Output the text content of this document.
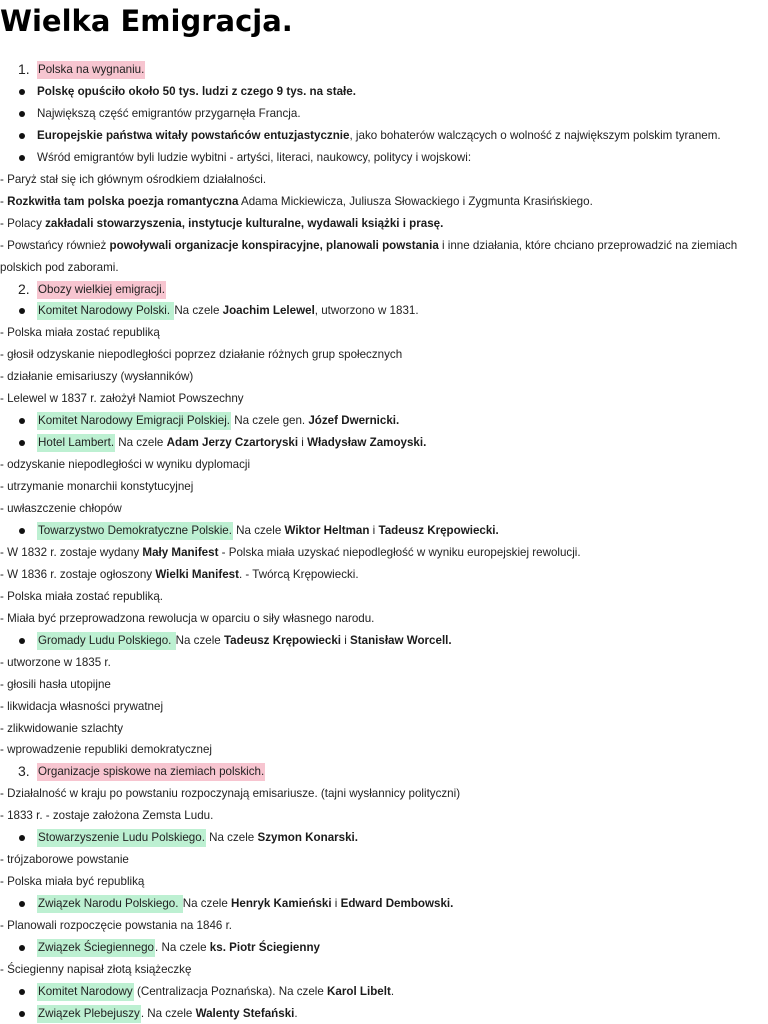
Wielka Emigracja.
1. Polska na wygnaniu.
Polskę opuściło około 50 tys. ludzi z czego 9 tys. na stałe.
Największą część emigrantów przygarnęła Francja.
Europejskie państwa witały powstańców entuzjastycznie, jako bohaterów walczących o wolność z największym polskim tyranem.
Wśród emigrantów byli ludzie wybitni - artyści, literaci, naukowcy, politycy i wojskowi:
- Paryż stał się ich głównym ośrodkiem działalności.
- Rozkwitła tam polska poezja romantyczna Adama Mickiewicza, Juliusza Słowackiego i Zygmunta Krasińskiego.
- Polacy zakładali stowarzyszenia, instytucje kulturalne, wydawali książki i prasę.
- Powstańcy również powoływali organizacje konspiracyjne, planowali powstania i inne działania, które chciano przeprowadzić na ziemiach
polskich pod zaborami.
2. Obozy wielkiej emigracji.
Komitet Narodowy Polski. Na czele Joachim Lelewel, utworzono w 1831.
- Polska miała zostać republiką
- głosił odzyskanie niepodległości poprzez działanie różnych grup społecznych
- działanie emisariuszy (wysłanników)
- Lelewel w 1837 r. założył Namiot Powszechny
Komitet Narodowy Emigracji Polskiej. Na czele gen. Józef Dwernicki.
Hotel Lambert. Na czele Adam Jerzy Czartoryski i Władysław Zamoyski.
- odzyskanie niepodległości w wyniku dyplomacji
- utrzymanie monarchii konstytucyjnej
- uwłaszczenie chłopów
Towarzystwo Demokratyczne Polskie. Na czele Wiktor Heltman i Tadeusz Krępowiecki.
- W 1832 r. zostaje wydany Mały Manifest - Polska miała uzyskać niepodległość w wyniku europejskiej rewolucji.
- W 1836 r. zostaje ogłoszony Wielki Manifest. - Twórcą Krępowiecki.
- Polska miała zostać republiką.
- Miała być przeprowadzona rewolucja w oparciu o siły własnego narodu.
Gromady Ludu Polskiego. Na czele Tadeusz Krępowiecki i Stanisław Worcell.
- utworzone w 1835 r.
- głosili hasła utopijne
- likwidacja własności prywatnej
- zlikwidowanie szlachty
- wprowadzenie republiki demokratycznej
3. Organizacje spiskowe na ziemiach polskich.
- Działalność w kraju po powstaniu rozpoczynają emisariusze. (tajni wysłannicy polityczni)
- 1833 r. - zostaje założona Zemsta Ludu.
Stowarzyszenie Ludu Polskiego. Na czele Szymon Konarski.
- trójzaborowe powstanie
- Polska miała być republiką
Związek Narodu Polskiego. Na czele Henryk Kamieński i Edward Dembowski.
- Planowali rozpoczęcie powstania na 1846 r.
Związek Ściegiennego. Na czele ks. Piotr Ściegienny
- Ściegienny napisał złotą książeczkę
Komitet Narodowy (Centralizacja Poznańska). Na czele Karol Libelt.
Związek Plebejuszy. Na czele Walenty Stefański.
